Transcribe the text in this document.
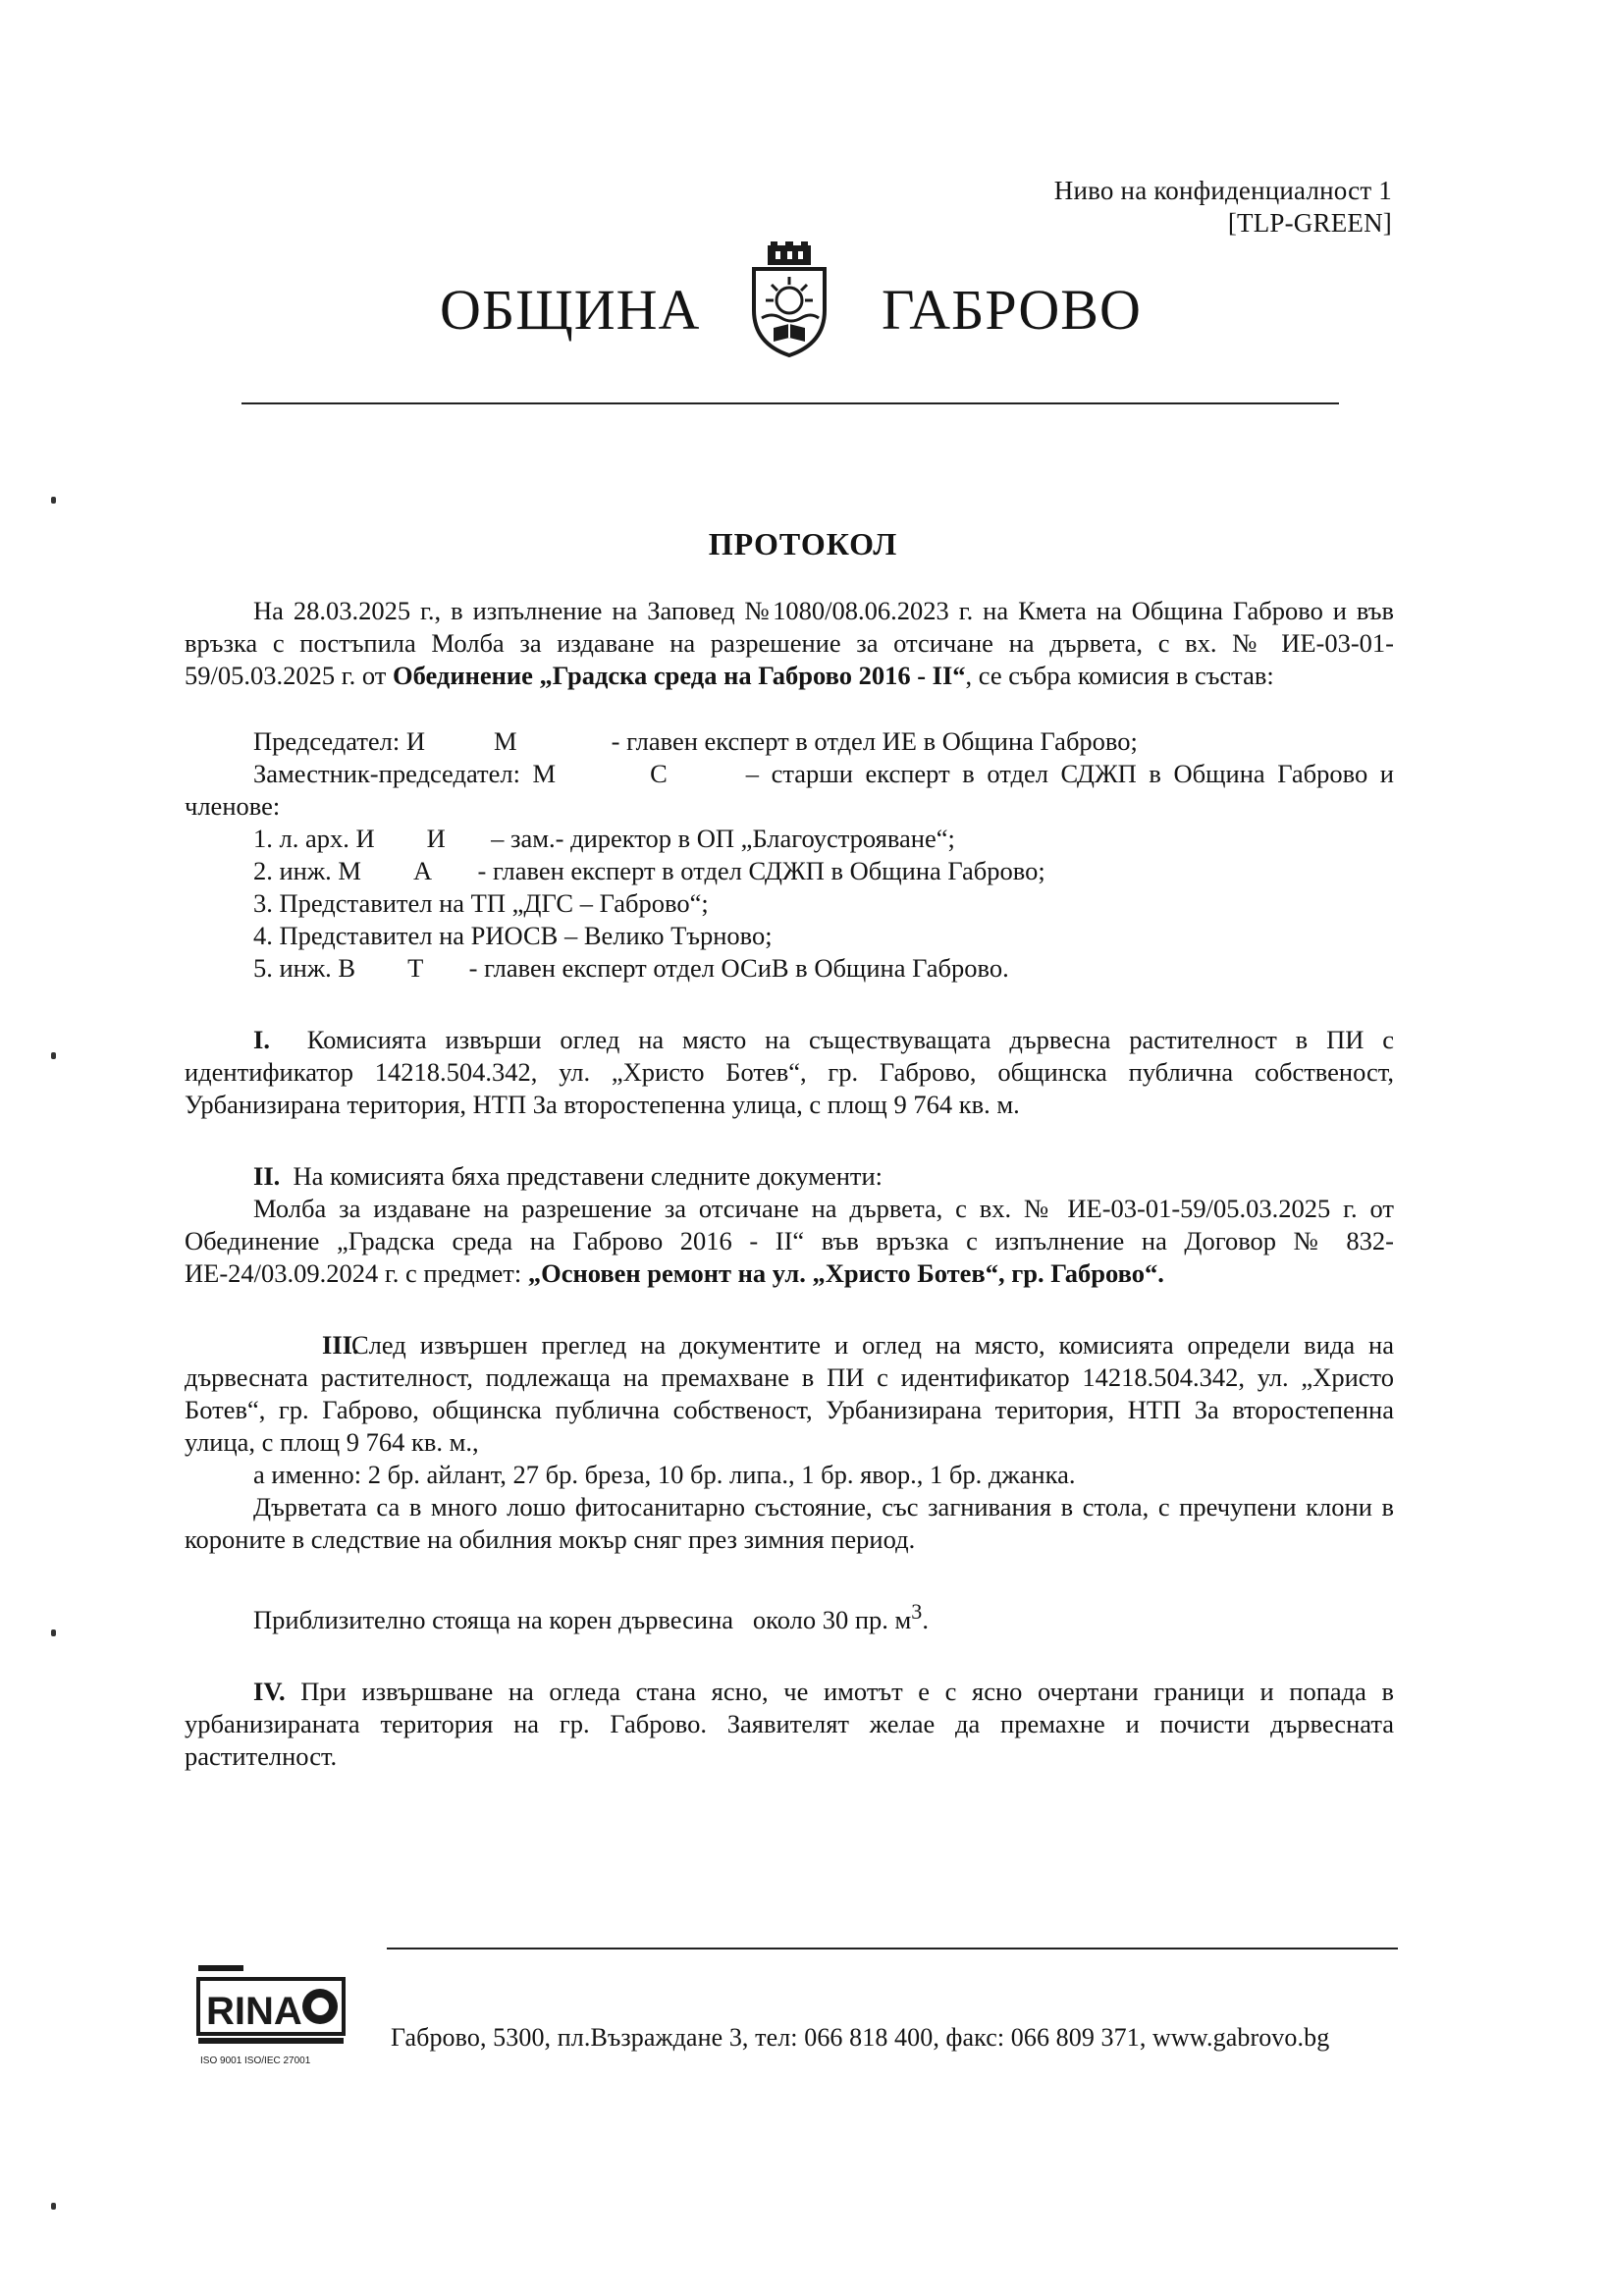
Ниво на конфиденциалност 1
[TLP-GREEN]
ОБЩИНА	ГАБРОВО
ПРОТОКОЛ

На 28.03.2025 г., в изпълнение на Заповед №1080/08.06.2023 г. на Кмета на Община Габрово и във връзка с постъпила Молба за издаване на разрешение за отсичане на дървета, с вх. № ИЕ-03-01-59/05.03.2025 г. от Обединение „Градска среда на Габрово 2016 - II“, се събра комисия в състав:

Председател: И	М	- главен експерт в отдел ИЕ в Община Габрово;

Заместник-председател: М	С	– старши експерт в отдел СДЖП в Община Габрово и членове:

1. л. арх. И        И       – зам.- директор в ОП „Благоустрояване“;
2. инж. М        А       - главен експерт в отдел СДЖП в Община Габрово;
3. Представител на ТП „ДГС – Габрово“;
4. Представител на РИОСВ – Велико Търново;
5. инж. В        Т       - главен експерт отдел ОСиВ в Община Габрово.

I. Комисията извърши оглед на място на съществуващата дървесна растителност в ПИ с идентификатор 14218.504.342, ул. „Христо Ботев“, гр. Габрово, общинска публична собственост, Урбанизирана територия, НТП За второстепенна улица, с площ 9 764 кв. м.

II. На комисията бяха представени следните документи:

Молба за издаване на разрешение за отсичане на дървета, с вх. № ИЕ-03-01-59/05.03.2025 г. от Обединение „Градска среда на Габрово 2016 - II“ във връзка с изпълнение на Договор № 832-ИЕ-24/03.09.2024 г. с предмет: „Основен ремонт на ул. „Христо Ботев“, гр. Габрово“.

III.След извършен преглед на документите и оглед на място, комисията определи вида на дървесната растителност, подлежаща на премахване в ПИ с идентификатор 14218.504.342, ул. „Христо Ботев“, гр. Габрово, общинска публична собственост, Урбанизирана територия, НТП За второстепенна улица, с площ 9 764 кв. м.,

а именно: 2 бр. айлант, 27 бр. бреза, 10 бр. липа., 1 бр. явор., 1 бр. джанка.

Дърветата са в много лошо фитосанитарно състояние, със загнивания в стола, с пречупени клони в короните в следствие на обилния мокър сняг през зимния период.

Приблизително стояща на корен дървесина   около 30 пр. $м^3$.

IV. При извършване на огледа стана ясно, че имотът е с ясно очертани граници и попада в урбанизираната територия на гр. Габрово. Заявителят желае да премахне и почисти дървесната растителност.

RINA
ISO 9001 ISO/IEC 27001
Габрово, 5300, пл.Възраждане 3, тел: 066 818 400, факс: 066 809 371, www.gabrovo.bg
